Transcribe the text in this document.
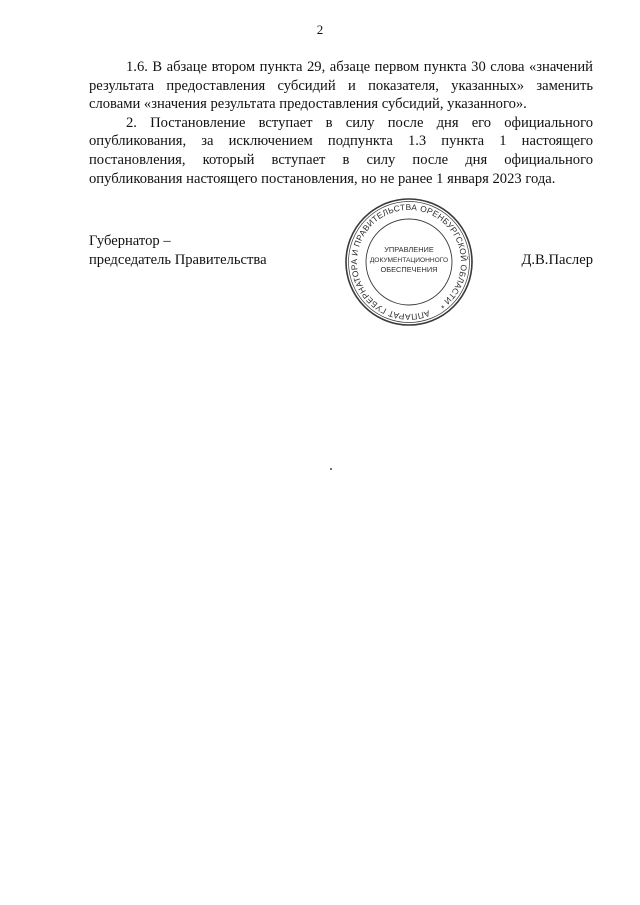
2

1.6. В абзаце втором пункта 29, абзаце первом пункта 30 слова «значений результата предоставления субсидий и показателя, указанных» заменить словами «значения результата предоставления субсидий, указанного».

2. Постановление вступает в силу после дня его официального опубликования, за исключением подпункта 1.3 пункта 1 настоящего постановления, который вступает в силу после дня официального опубликования настоящего постановления, но не ранее 1 января 2023 года.

Губернатор –
председатель Правительства
АППАРАТ ГУБЕРНАТОРА И ПРАВИТЕЛЬСТВА ОРЕНБУРГСКОЙ ОБЛАСТИ *
УПРАВЛЕНИЕ
ДОКУМЕНТАЦИОННОГО
ОБЕСПЕЧЕНИЯ
Д.В.Паслер
